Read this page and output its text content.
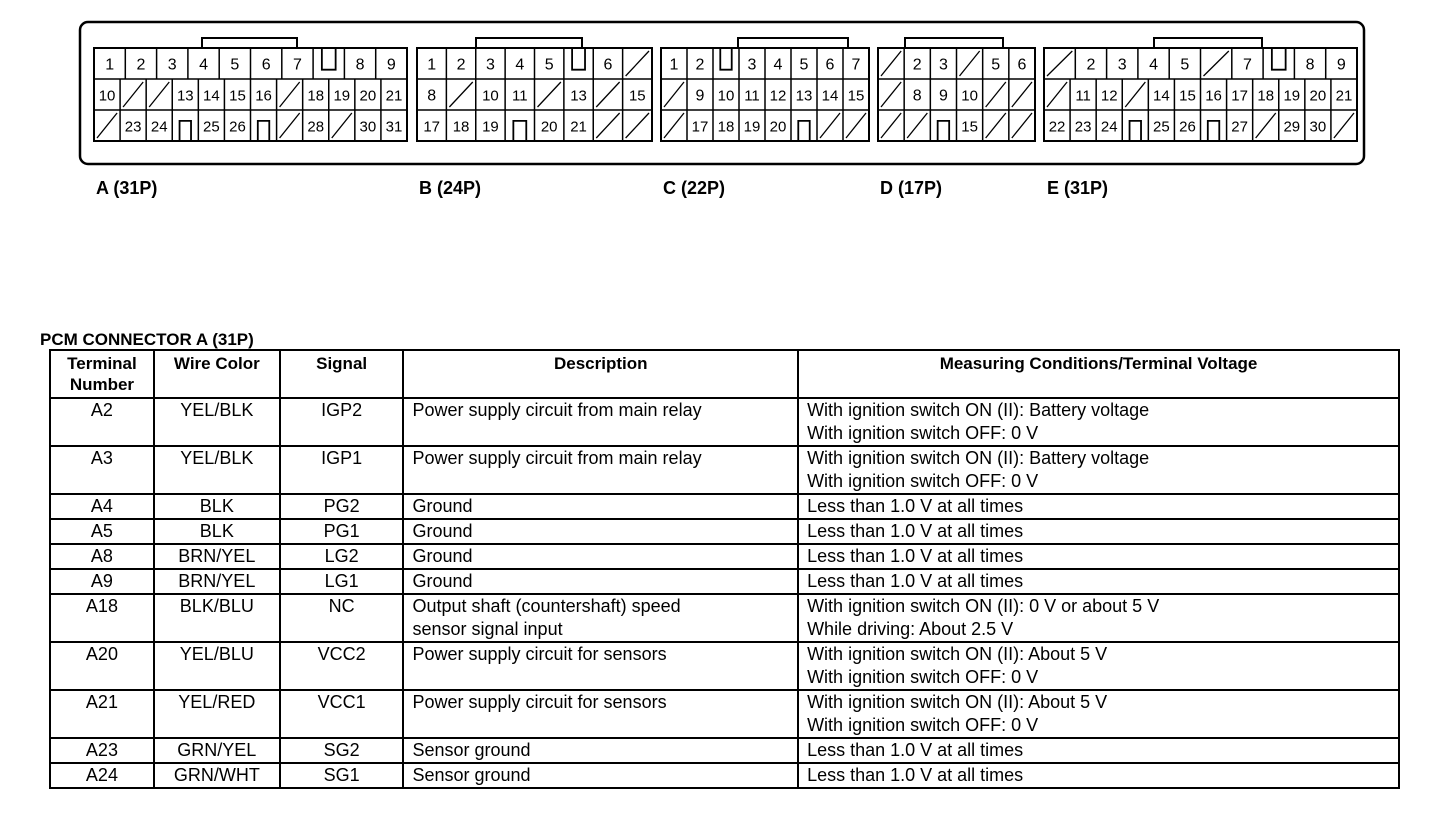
1 2 3 4 5 6 7	8 9
10	13 14 15 16 18 19 20 21
23 24 25 26	28 30 31
1 2 3 4 5	6
8	10 11	13	15
17 18 19	20 21
1 2	3 4 5 6 7
9 10 11 12 13 14 15
17 18 19 20
2 3	5 6
8 9 10
15
2 3 4 5	7	8 9
11 12 14 15 16 17 18 19 20 21
22 23 24 25 26 27 29 30
A (31P)	B (24P)	C (22P)	D (17P)	E (31P)
PCM CONNECTOR A (31P)
Terminal Number	Wire Color	Signal	Description	Measuring Conditions/Terminal Voltage

A2	YEL/BLK	IGP2	Power supply circuit from main relay	With ignition switch ON (II): Battery voltage
With ignition switch OFF: 0 V

A3	YEL/BLK	IGP1	Power supply circuit from main relay	With ignition switch ON (II): Battery voltage
With ignition switch OFF: 0 V

A4	BLK	PG2	Ground	Less than 1.0 V at all times

A5	BLK	PG1	Ground	Less than 1.0 V at all times

A8	BRN/YEL	LG2	Ground	Less than 1.0 V at all times

A9	BRN/YEL	LG1	Ground	Less than 1.0 V at all times

A18	BLK/BLU	NC	Output shaft (countershaft) speed
sensor signal input	With ignition switch ON (II): 0 V or about 5 V
While driving: About 2.5 V

A20	YEL/BLU	VCC2	Power supply circuit for sensors	With ignition switch ON (II): About 5 V
With ignition switch OFF: 0 V

A21	YEL/RED	VCC1	Power supply circuit for sensors	With ignition switch ON (II): About 5 V
With ignition switch OFF: 0 V

A23	GRN/YEL	SG2	Sensor ground	Less than 1.0 V at all times

A24	GRN/WHT	SG1	Sensor ground	Less than 1.0 V at all times
